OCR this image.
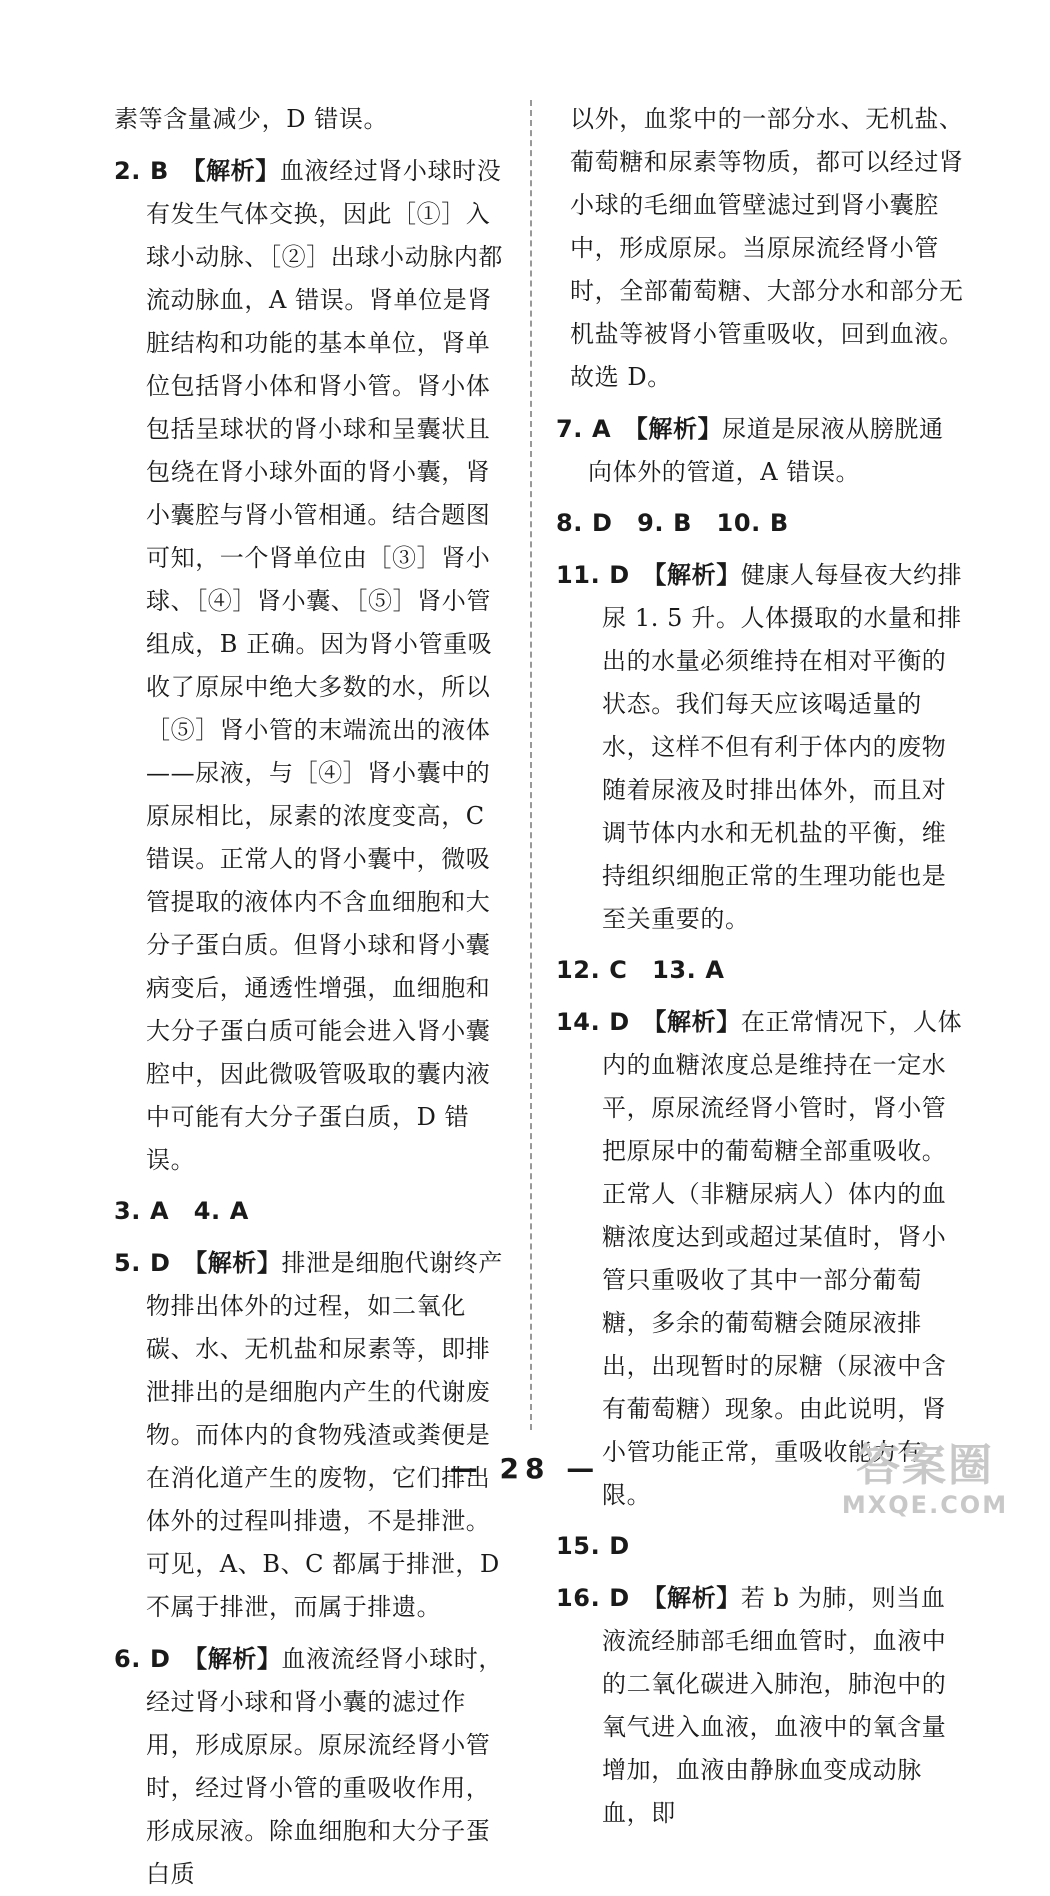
素等含量减少，D 错误。

2. B　 【解析】血液经过肾小球时没有发生气体交换，因此［①］入球小动脉、［②］出球小动脉内都流动脉血，A 错误。肾单位是肾脏结构和功能的基本单位，肾单位包括肾小体和肾小管。肾小体包括呈球状的肾小球和呈囊状且包绕在肾小球外面的肾小囊，肾小囊腔与肾小管相通。结合题图可知，一个肾单位由［③］肾小球、［④］肾小囊、［⑤］肾小管组成，B 正确。因为肾小管重吸收了原尿中绝大多数的水，所以［⑤］肾小管的末端流出的液体——尿液，与［④］肾小囊中的原尿相比，尿素的浓度变高，C 错误。正常人的肾小囊中，微吸管提取的液体内不含血细胞和大分子蛋白质。但肾小球和肾小囊病变后，通透性增强，血细胞和大分子蛋白质可能会进入肾小囊腔中，因此微吸管吸取的囊内液中可能有大分子蛋白质，D 错误。

3. A　4. A

5. D　 【解析】排泄是细胞代谢终产物排出体外的过程，如二氧化碳、水、无机盐和尿素等，即排泄排出的是细胞内产生的代谢废物。而体内的食物残渣或粪便是在消化道产生的废物，它们排出体外的过程叫排遗，不是排泄。可见，A、B、C 都属于排泄，D 不属于排泄，而属于排遗。

6. D　 【解析】血液流经肾小球时，经过肾小球和肾小囊的滤过作用，形成原尿。原尿流经肾小管时，经过肾小管的重吸收作用，形成尿液。除血细胞和大分子蛋白质

以外，血浆中的一部分水、无机盐、葡萄糖和尿素等物质，都可以经过肾小球的毛细血管壁滤过到肾小囊腔中，形成原尿。当原尿流经肾小管时，全部葡萄糖、大部分水和部分无机盐等被肾小管重吸收，回到血液。故选 D。

7. A　 【解析】尿道是尿液从膀胱通向体外的管道，A 错误。

8. D　9. B　10. B

11. D　 【解析】健康人每昼夜大约排尿 1. 5 升。人体摄取的水量和排出的水量必须维持在相对平衡的状态。我们每天应该喝适量的水，这样不但有利于体内的废物随着尿液及时排出体外，而且对调节体内水和无机盐的平衡，维持组织细胞正常的生理功能也是至关重要的。

12. C　13. A

14. D　 【解析】在正常情况下，人体内的血糖浓度总是维持在一定水平，原尿流经肾小管时，肾小管把原尿中的葡萄糖全部重吸收。正常人（非糖尿病人）体内的血糖浓度达到或超过某值时，肾小管只重吸收了其中一部分葡萄糖，多余的葡萄糖会随尿液排出，出现暂时的尿糖（尿液中含有葡萄糖）现象。由此说明，肾小管功能正常，重吸收能力有限。

15. D

16. D　 【解析】若 b 为肺，则当血液流经肺部毛细血管时，血液中的二氧化碳进入肺泡，肺泡中的氧气进入血液，血液中的氧含量增加，血液由静脉血变成动脉血，即

— 28 —	答案圈
MXQE.COM
